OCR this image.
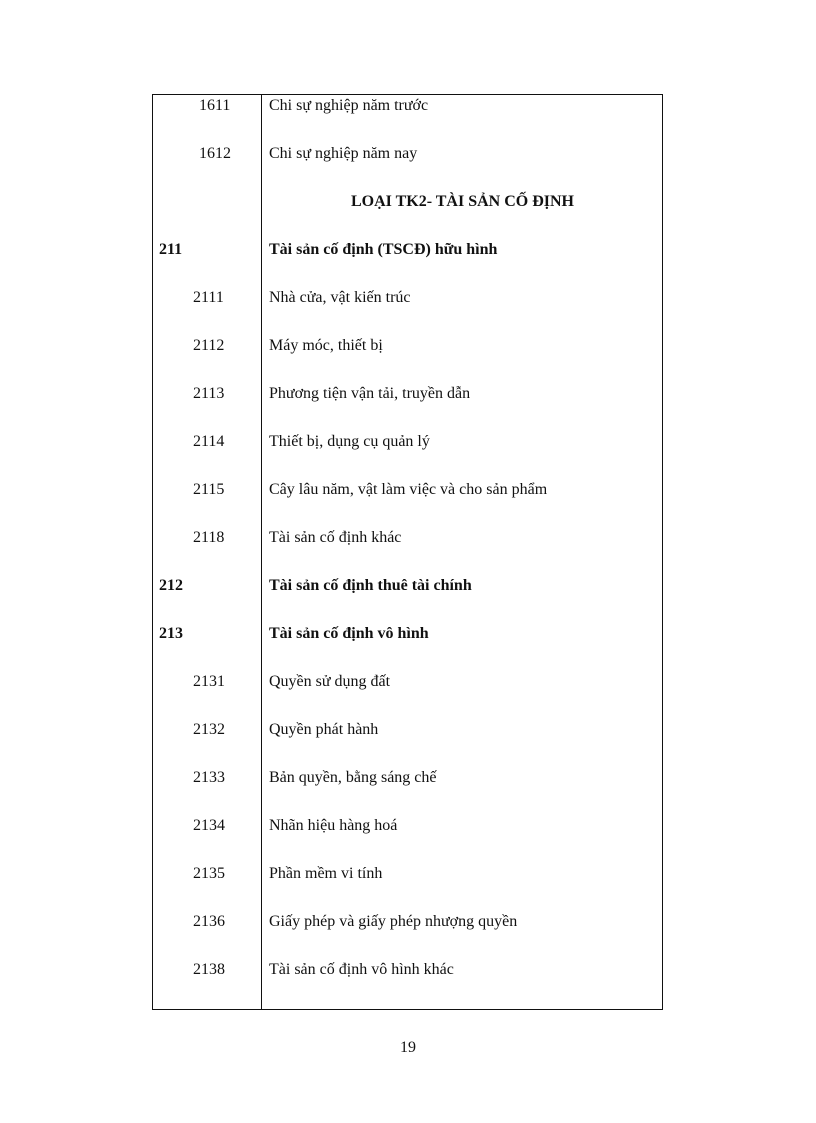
1611 Chi sự nghiệp năm trước
1612 Chi sự nghiệp năm nay
LOẠI TK2- TÀI SẢN CỐ ĐỊNH
211	Tài sản cố định (TSCĐ) hữu hình
2111	Nhà cửa, vật kiến trúc
2112	Máy móc, thiết bị
2113	Phương tiện vận tải, truyền dẫn
2114	Thiết bị, dụng cụ quản lý
2115	Cây lâu năm, vật làm việc và cho sản phẩm
2118	Tài sản cố định khác
212	Tài sản cố định thuê tài chính
213	Tài sản cố định vô hình
2131	Quyền sử dụng đất
2132	Quyền phát hành
2133	Bản quyền, bằng sáng chế
2134	Nhãn hiệu hàng hoá
2135	Phần mềm vi tính
2136	Giấy phép và giấy phép nhượng quyền
2138	Tài sản cố định vô hình khác
19
